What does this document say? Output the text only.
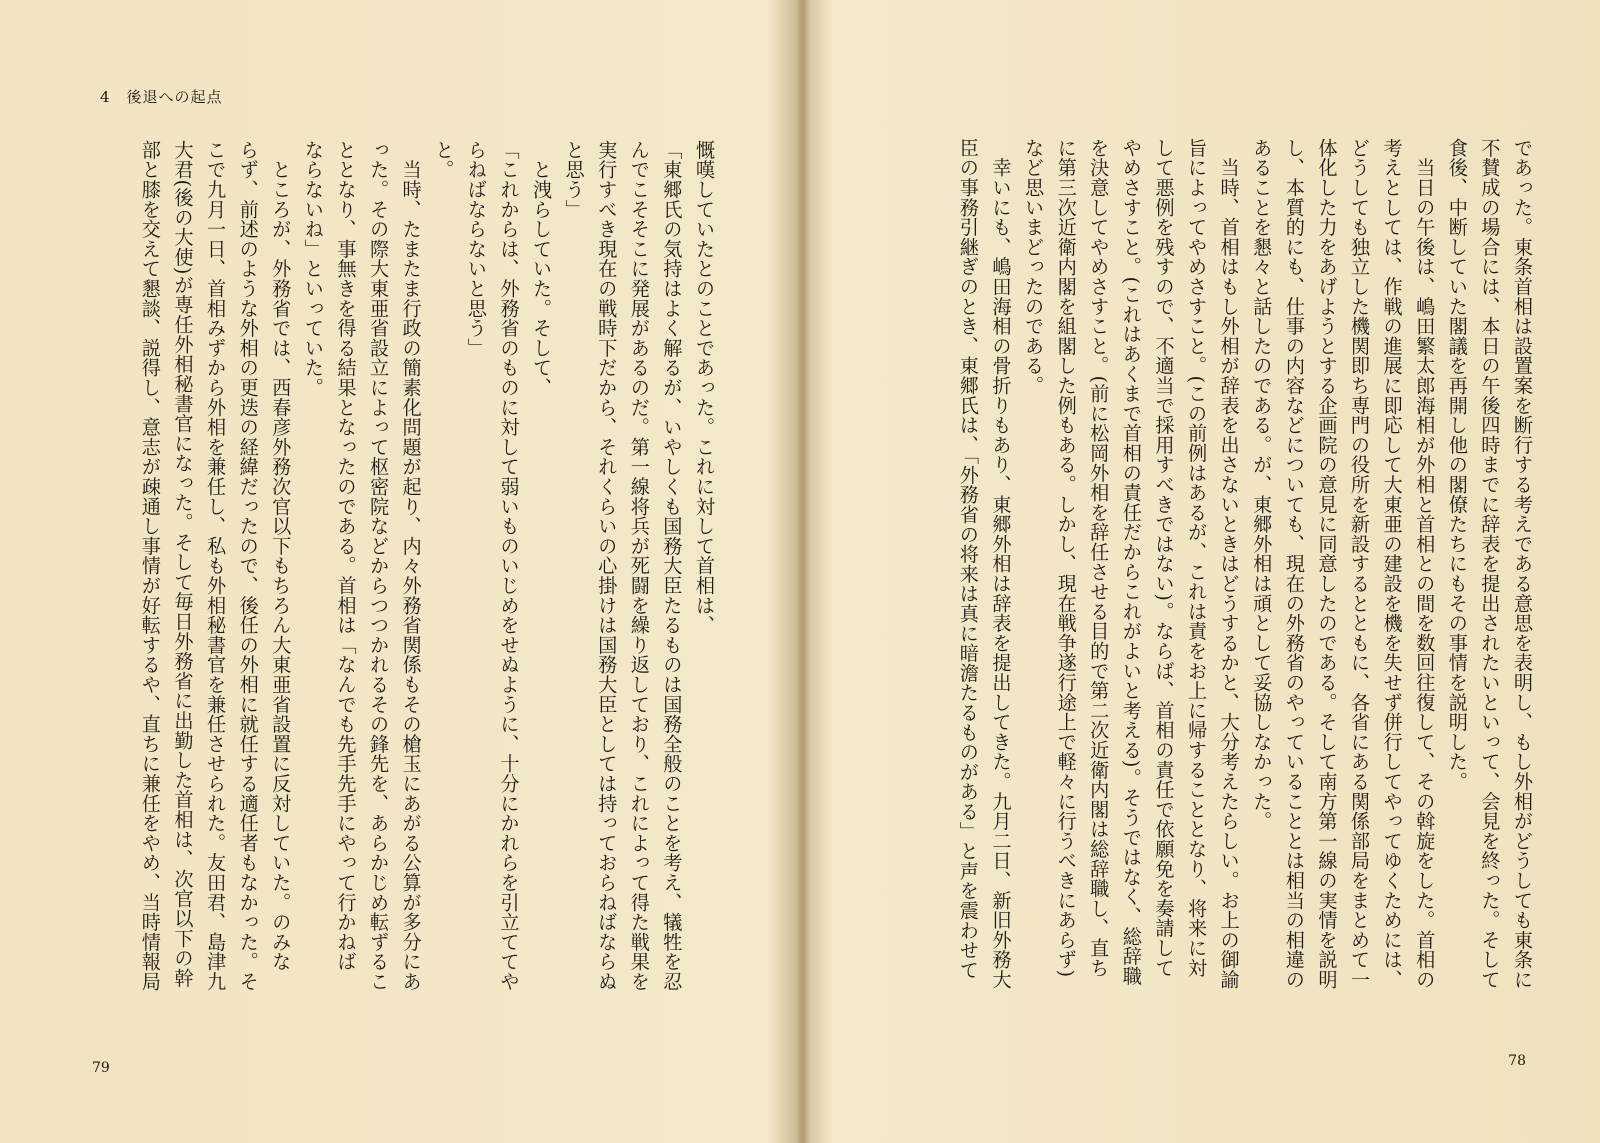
4　後退への起点
慨嘆していたとのことであった。これに対して首相は、
「東郷氏の気持はよく解るが、いやしくも国務大臣たるものは国務全般のことを考え、犠牲を忍
んでこそそこに発展があるのだ。第一線将兵が死闘を繰り返しており、これによって得た戦果を
実行すべき現在の戦時下だから、それくらいの心掛けは国務大臣としては持っておらねばならぬ
と思う」
　と洩らしていた。そして、
「これからは、外務省のものに対して弱いものいじめをせぬように、十分にかれらを引立ててや
らねばならないと思う」
と。
　当時、たまたま行政の簡素化問題が起り、内々外務省関係もその槍玉にあがる公算が多分にあ
った。その際大東亜省設立によって枢密院などからつつかれるその鋒先を、あらかじめ転ずるこ
ととなり、事無きを得る結果となったのである。首相は「なんでも先手先手にやって行かねば
ならないね」といっていた。
　ところが、外務省では、西春彦外務次官以下もちろん大東亜省設置に反対していた。のみな
らず、前述のような外相の更迭の経緯だったので、後任の外相に就任する適任者もなかった。そ
こで九月一日、首相みずから外相を兼任し、私も外相秘書官を兼任させられた。友田君、島津九
大君(後の大使)が専任外相秘書官になった。そして毎日外務省に出勤した首相は、次官以下の幹
部と膝を交えて懇談、説得し、意志が疎通し事情が好転するや、直ちに兼任をやめ、当時情報局
79
であった。東条首相は設置案を断行する考えである意思を表明し、もし外相がどうしても東条に
不賛成の場合には、本日の午後四時までに辞表を提出されたいといって、会見を終った。そして
食後、中断していた閣議を再開し他の閣僚たちにもその事情を説明した。
　当日の午後は、嶋田繁太郎海相が外相と首相との間を数回往復して、その斡旋をした。首相の
考えとしては、作戦の進展に即応して大東亜の建設を機を失せず併行してやってゆくためには、
どうしても独立した機関即ち専門の役所を新設するとともに、各省にある関係部局をまとめて一
体化した力をあげようとする企画院の意見に同意したのである。そして南方第一線の実情を説明
し、本質的にも、仕事の内容などについても、現在の外務省のやっていることとは相当の相違の
あることを懇々と話したのである。が、東郷外相は頑として妥協しなかった。
　当時、首相はもし外相が辞表を出さないときはどうするかと、大分考えたらしい。お上の御諭
旨によってやめさすこと。(この前例はあるが、これは責をお上に帰することとなり、将来に対
して悪例を残すので、不適当で採用すべきではない)。ならば、首相の責任で依願免を奏請して
やめさすこと。(これはあくまで首相の責任だからこれがよいと考える)。そうではなく、総辞職
を決意してやめさすこと。(前に松岡外相を辞任させる目的で第二次近衛内閣は総辞職し、直ち
に第三次近衛内閣を組閣した例もある。しかし、現在戦争遂行途上で軽々に行うべきにあらず)
など思いまどったのである。
　幸いにも、嶋田海相の骨折りもあり、東郷外相は辞表を提出してきた。九月二日、新旧外務大
臣の事務引継ぎのとき、東郷氏は、「外務省の将来は真に暗澹たるものがある」と声を震わせて
78
